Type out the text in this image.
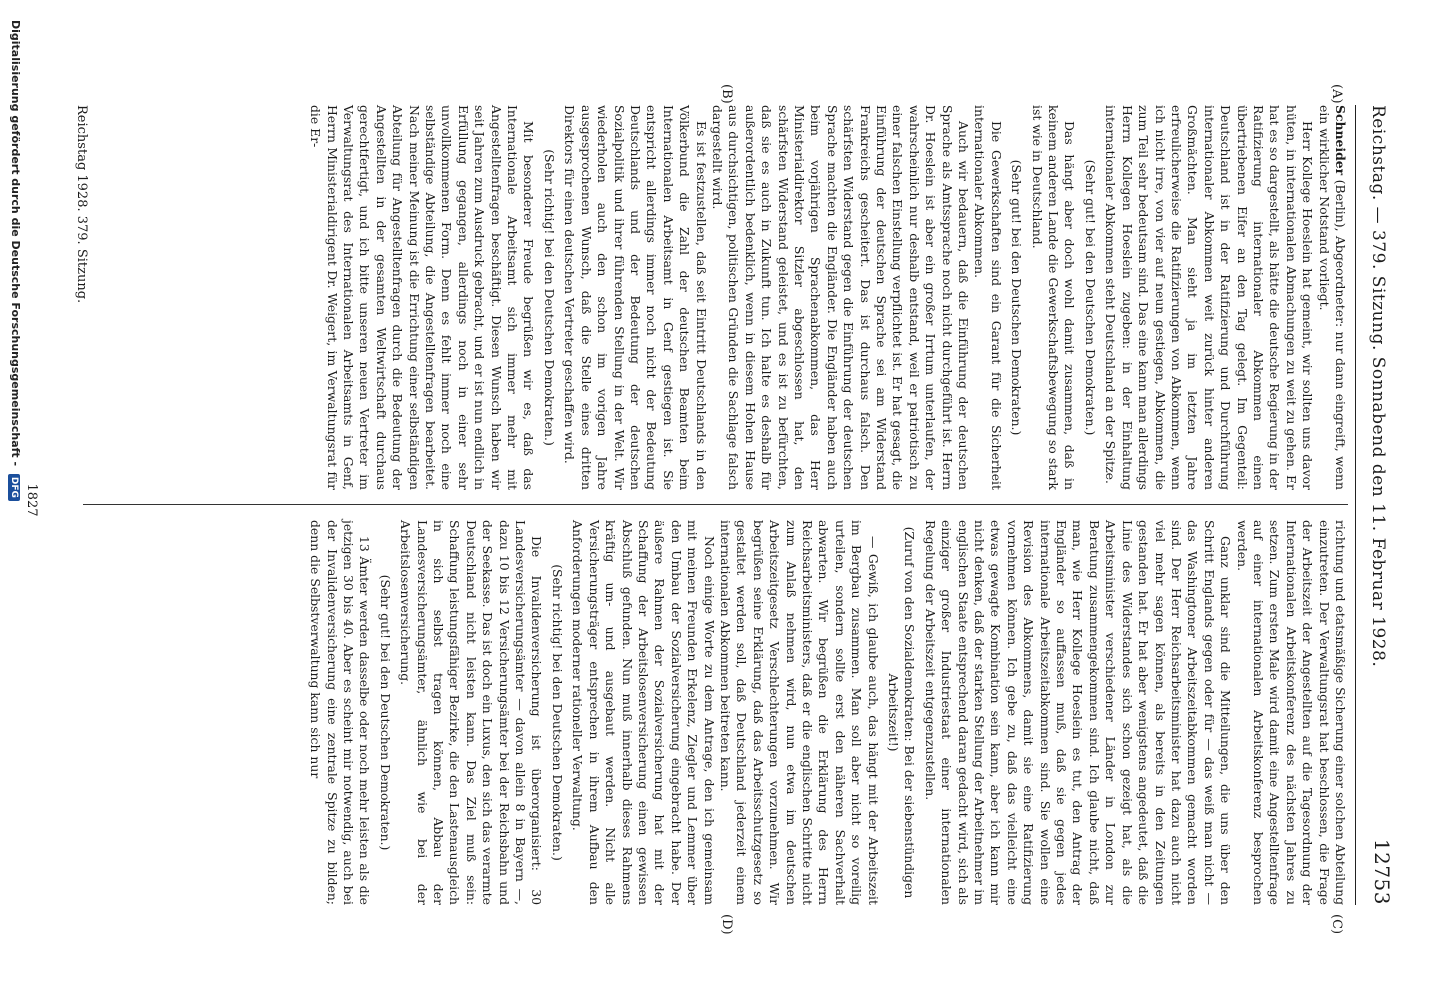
Reichstag. — 379. Sitzung. Sonnabend den 11. Februar 1928.
12753
(A)
(B)
(C)
(D)

Schneider (Berlin), Abgeordneter: nur dann eingreift, wenn ein wirklicher Notstand vorliegt.

Herr Kollege Hoeslein hat gemeint, wir sollten uns davor hüten, in internationalen Abmachungen zu weit zu gehen. Er hat es so dargestellt, als hätte die deutsche Regierung in der Ratifizierung internationaler Abkommen einen übertriebenen Eifer an den Tag gelegt. Im Gegenteil: Deutschland ist in der Ratifizierung und Durchführung internationaler Abkommen weit zurück hinter anderen Großmächten. Man sieht ja im letzten Jahre erfreulicherweise die Ratifizierungen von Abkommen, wenn ich nicht irre, von vier auf neun gestiegen, Abkommen, die zum Teil sehr bedeutsam sind. Das eine kann man allerdings Herrn Kollegen Hoeslein zugeben: in der Einhaltung internationaler Abkommen steht Deutschland an der Spitze.

(Sehr gut! bei den Deutschen Demokraten.)

Das hängt aber doch wohl damit zusammen, daß in keinem anderen Lande die Gewerkschaftsbewegung so stark ist wie in Deutschland.

(Sehr gut! bei den Deutschen Demokraten.)

Die Gewerkschaften sind ein Garant für die Sicherheit internationaler Abkommen.

Auch wir bedauern, daß die Einführung der deutschen Sprache als Amtssprache noch nicht durchgeführt ist. Herrn Dr. Hoeslein ist aber ein großer Irrtum unterlaufen, der wahrscheinlich nur deshalb entstand, weil er patriotisch zu einer falschen Einstellung verpflichtet ist. Er hat gesagt, die Einführung der deutschen Sprache sei am Widerstand Frankreichs gescheitert. Das ist durchaus falsch. Den schärfsten Widerstand gegen die Einführung der deutschen Sprache machten die Engländer. Die Engländer haben auch beim vorjährigen Sprachenabkommen, das Herr Ministerialdirektor Sitzler abgeschlossen hat, den schärfsten Widerstand geleistet, und es ist zu befürchten, daß sie es auch in Zukunft tun. Ich halte es deshalb für außerordentlich bedenklich, wenn in diesem Hohen Hause aus durchsichtigen, politischen Gründen die Sachlage falsch dargestellt wird.

Es ist festzustellen, daß seit Eintritt Deutschlands in den Völkerbund die Zahl der deutschen Beamten beim Internationalen Arbeitsamt in Genf gestiegen ist. Sie entspricht allerdings immer noch nicht der Bedeutung Deutschlands und der Bedeutung der deutschen Sozialpolitik und ihrer führenden Stellung in der Welt. Wir wiederholen auch den schon im vorigen Jahre ausgesprochenen Wunsch, daß die Stelle eines dritten Direktors für einen deutschen Vertreter geschaffen wird.

(Sehr richtig! bei den Deutschen Demokraten.)

Mit besonderer Freude begrüßen wir es, daß das Internationale Arbeitsamt sich immer mehr mit Angestelltenfragen beschäftigt. Diesen Wunsch haben wir seit Jahren zum Ausdruck gebracht, und er ist nun endlich in Erfüllung gegangen, allerdings noch in einer sehr unvollkommenen Form. Denn es fehlt immer noch eine selbständige Abteilung, die Angestelltenfragen bearbeitet. Nach meiner Meinung ist die Errichtung einer selbständigen Abteilung für Angestelltenfragen durch die Bedeutung der Angestellten in der gesamten Weltwirtschaft durchaus gerechtfertigt, und ich bitte unseren neuen Vertreter im Verwaltungsrat des Internationalen Arbeitsamts in Genf, Herrn Ministerialdirigent Dr. Weigert, im Verwaltungsrat für die Er-

richtung und etatsmäßige Sicherung einer solchen Abteilung einzutreten. Der Verwaltungsrat hat beschlossen, die Frage der Arbeitszeit der Angestellten auf die Tagesordnung der Internationalen Arbeitskonferenz des nächsten Jahres zu setzen. Zum ersten Male wird damit eine Angestelltenfrage auf einer internationalen Arbeitskonferenz besprochen werden.

Ganz unklar sind die Mitteilungen, die uns über den Schritt Englands gegen oder für — das weiß man nicht — das Washingtoner Arbeitszeitabkommen gemacht worden sind. Der Herr Reichsarbeitsminister hat dazu auch nicht viel mehr sagen können, als bereits in den Zeitungen gestanden hat. Er hat aber wenigstens angedeutet, daß die Linie des Widerstandes sich schon gezeigt hat, als die Arbeitsminister verschiedener Länder in London zur Beratung zusammengekommen sind. Ich glaube nicht, daß man, wie Herr Kollege Hoeslein es tut, den Antrag der Engländer so auffassen muß, daß sie gegen jedes internationale Arbeitszeitabkommen sind. Sie wollen eine Revision des Abkommens, damit sie eine Ratifizierung vornehmen können. Ich gebe zu, daß das vielleicht eine etwas gewagte Kombination sein kann, aber ich kann mir nicht denken, daß der starken Stellung der Arbeitnehmer im englischen Staate entsprechend daran gedacht wird, sich als einziger großer Industriestaat einer internationalen Regelung der Arbeitszeit entgegenzustellen.

(Zuruf von den Sozialdemokraten: Bei der siebenstündigen Arbeitszeit!)

— Gewiß, ich glaube auch, das hängt mit der Arbeitszeit im Bergbau zusammen. Man soll aber nicht so voreilig urteilen, sondern sollte erst den näheren Sachverhalt abwarten. Wir begrüßen die Erklärung des Herrn Reichsarbeitsministers, daß er die englischen Schritte nicht zum Anlaß nehmen wird, nun etwa im deutschen Arbeitszeitgesetz Verschlechterungen vorzunehmen. Wir begrüßen seine Erklärung, daß das Arbeitsschutzgesetz so gestaltet werden soll, daß Deutschland jederzeit einem internationalen Abkommen beitreten kann.

Noch einige Worte zu dem Antrage, den ich gemeinsam mit meinen Freunden Erkelenz, Ziegler und Lemmer über den Umbau der Sozialversicherung eingebracht habe. Der äußere Rahmen der Sozialversicherung hat mit der Schaffung der Arbeitslosenversicherung einen gewissen Abschluß gefunden. Nun muß innerhalb dieses Rahmens kräftig um- und ausgebaut werden. Nicht alle Versicherungsträger entsprechen in ihrem Aufbau den Anforderungen moderner rationeller Verwaltung.

(Sehr richtig! bei den Deutschen Demokraten.)

Die Invalidenversicherung ist überorganisiert: 30 Landesversicherungsämter — davon allein 8 in Bayern —, dazu 10 bis 12 Versicherungsämter bei der Reichsbahn und der Seekasse. Das ist doch ein Luxus, den sich das verarmte Deutschland nicht leisten kann. Das Ziel muß sein: Schaffung leistungsfähiger Bezirke, die den Lastenausgleich in sich selbst tragen können, Abbau der Landesversicherungsämter, ähnlich wie bei der Arbeitslosenversicherung.

(Sehr gut! bei den Deutschen Demokraten.)

13 Ämter werden dasselbe oder noch mehr leisten als die jetzigen 30 bis 40. Aber es scheint mir notwendig, auch bei der Invalidenversicherung eine zentrale Spitze zu bilden; denn die Selbstverwaltung kann sich nur

Reichstag 1928. 379. Sitzung.
1827
Digitalisierung gefördert durch die Deutsche Forschungsgemeinschaft - DFG
